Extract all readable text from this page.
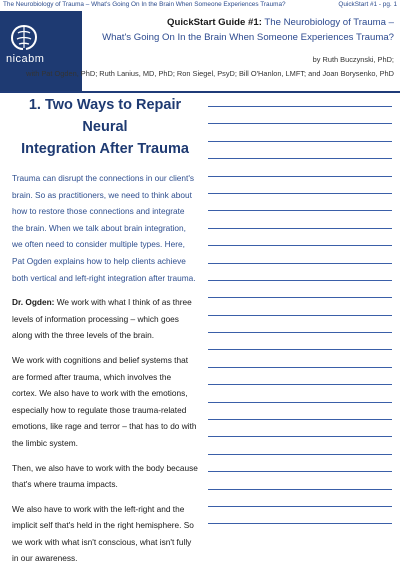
The Neurobiology of Trauma – What's Going On In the Brain When Someone Experiences Trauma?	QuickStart #1 - pg. 1
nicabm
QuickStart Guide #1: The Neurobiology of Trauma –
What's Going On In the Brain When Someone Experiences Trauma?
by Ruth Buczynski, PhD;
with Pat Ogden, PhD; Ruth Lanius, MD, PhD; Ron Siegel, PsyD; Bill O'Hanlon, LMFT; and Joan Borysenko, PhD
1. Two Ways to Repair Neural
Integration After Trauma

Trauma can disrupt the connections in our client's brain. So as practitioners, we need to think about how to restore those connections and integrate the brain. When we talk about brain integration, we often need to consider multiple types. Here, Pat Ogden explains how to help clients achieve both vertical and left-right integration after trauma.

Dr. Ogden: We work with what I think of as three levels of information processing – which goes along with the three levels of the brain.

We work with cognitions and belief systems that are formed after trauma, which involves the cortex. We also have to work with the emotions, especially how to regulate those trauma-related emotions, like rage and terror – that has to do with the limbic system.

Then, we also have to work with the body because that's where trauma impacts.

We also have to work with the left-right and the implicit self that's held in the right hemisphere. So we work with what isn't conscious, what isn't fully in our awareness.
